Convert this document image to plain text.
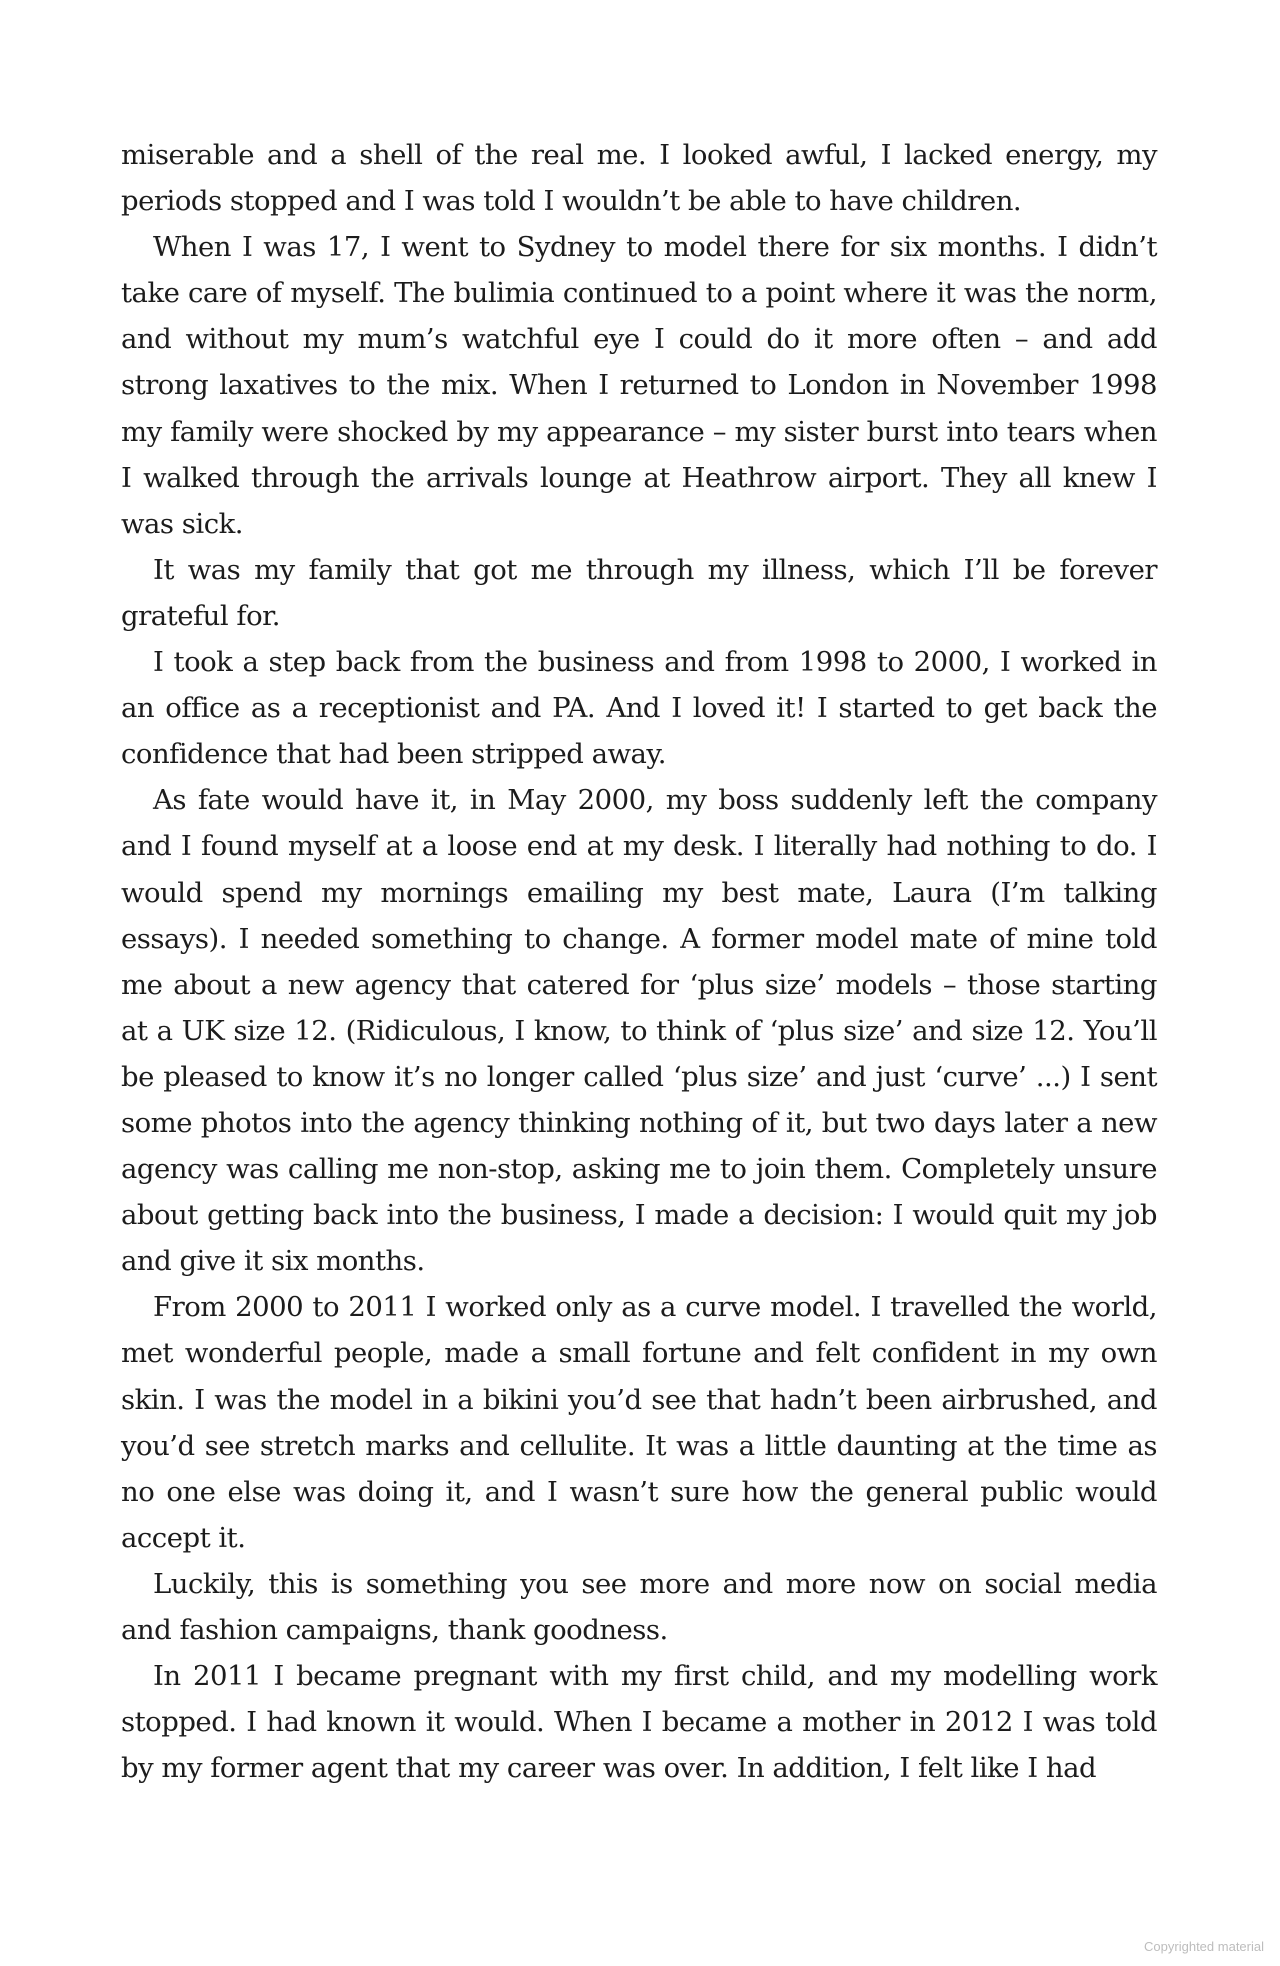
miserable and a shell of the real me. I looked awful, I lacked energy, my periods stopped and I was told I wouldn’t be able to have children.

When I was 17, I went to Sydney to model there for six months. I didn’t take care of myself. The bulimia continued to a point where it was the norm, and without my mum’s watchful eye I could do it more often – and add strong laxatives to the mix. When I returned to London in November 1998 my family were shocked by my appearance – my sister burst into tears when I walked through the arrivals lounge at Heathrow airport. They all knew I was sick.

It was my family that got me through my illness, which I’ll be forever grateful for.

I took a step back from the business and from 1998 to 2000, I worked in an office as a receptionist and PA. And I loved it! I started to get back the confidence that had been stripped away.

As fate would have it, in May 2000, my boss suddenly left the company and I found myself at a loose end at my desk. I literally had nothing to do. I would spend my mornings emailing my best mate, Laura (I’m talking essays). I needed something to change. A former model mate of mine told me about a new agency that catered for ‘plus size’ models – those starting at a UK size 12. (Ridiculous, I know, to think of ‘plus size’ and size 12. You’ll be pleased to know it’s no longer called ‘plus size’ and just ‘curve’ ...) I sent some photos into the agency thinking nothing of it, but two days later a new agency was calling me non-stop, asking me to join them. Completely unsure about getting back into the business, I made a decision: I would quit my job and give it six months.

From 2000 to 2011 I worked only as a curve model. I travelled the world, met wonderful people, made a small fortune and felt confident in my own skin. I was the model in a bikini you’d see that hadn’t been airbrushed, and you’d see stretch marks and cellulite. It was a little daunting at the time as no one else was doing it, and I wasn’t sure how the general public would accept it.

Luckily, this is something you see more and more now on social media and fashion campaigns, thank goodness.

In 2011 I became pregnant with my first child, and my modelling work stopped. I had known it would. When I became a mother in 2012 I was told by my former agent that my career was over. In addition, I felt like I had

Copyrighted material
